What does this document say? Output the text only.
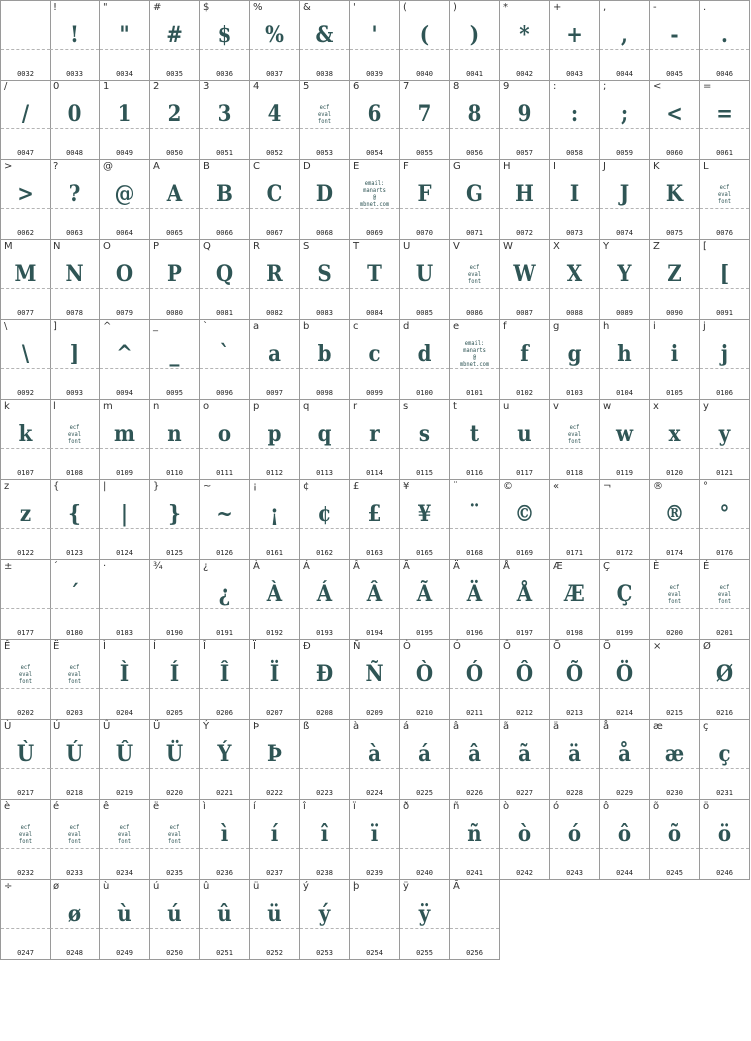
0032
!
!
0033
"
"
0034
#
#
0035
$
$
0036
%
%
0037
&
&
0038
'
'
0039
(
(
0040
)
)
0041
*
*
0042
+
+
0043
,
,
0044
-
-
0045
.
.
0046
/
/
0047
0
0
0048
1
1
0049
2
2
0050
3
3
0051
4
4
0052
5
ecf
eval
font
0053
6
6
0054
7
7
0055
8
8
0056
9
9
0057
:
:
0058
;
;
0059
<
<
0060
=
=
0061
>
>
0062
?
?
0063
@
@
0064
A
A
0065
B
B
0066
C
C
0067
D
D
0068
E
email:
manarts
@
mbnet.com
0069
F
F
0070
G
G
0071
H
H
0072
I
I
0073
J
J
0074
K
K
0075
L
ecf
eval
font
0076
M
M
0077
N
N
0078
O
O
0079
P
P
0080
Q
Q
0081
R
R
0082
S
S
0083
T
T
0084
U
U
0085
V
ecf
eval
font
0086
W
W
0087
X
X
0088
Y
Y
0089
Z
Z
0090
[
[
0091
\
\
0092
]
]
0093
^
^
0094
_
_
0095
`
`
0096
a
a
0097
b
b
0098
c
c
0099
d
d
0100
e
email:
manarts
@
mbnet.com
0101
f
f
0102
g
g
0103
h
h
0104
i
i
0105
j
j
0106
k
k
0107
l
ecf
eval
font
0108
m
m
0109
n
n
0110
o
o
0111
p
p
0112
q
q
0113
r
r
0114
s
s
0115
t
t
0116
u
u
0117
v
ecf
eval
font
0118
w
w
0119
x
x
0120
y
y
0121
z
z
0122
{
{
0123
|
|
0124
}
}
0125
~
~
0126
¡
¡
0161
¢
¢
0162
£
£
0163
¥
¥
0165
¨
¨
0168
©
©
0169
«
0171
¬
0172
®
®
0174
°
°
0176
±
0177
´
´
0180
·
0183
¾
0190
¿
¿
0191
À
À
0192
Á
Á
0193
Â
Â
0194
Ã
Ã
0195
Ä
Ä
0196
Å
Å
0197
Æ
Æ
0198
Ç
Ç
0199
È
ecf
eval
font
0200
É
ecf
eval
font
0201
Ê
ecf
eval
font
0202
Ë
ecf
eval
font
0203
Ì
Ì
0204
Í
Í
0205
Î
Î
0206
Ï
Ï
0207
Ð
Ð
0208
Ñ
Ñ
0209
Ò
Ò
0210
Ó
Ó
0211
Ô
Ô
0212
Õ
Õ
0213
Ö
Ö
0214
×
0215
Ø
Ø
0216
Ù
Ù
0217
Ú
Ú
0218
Û
Û
0219
Ü
Ü
0220
Ý
Ý
0221
Þ
Þ
0222
ß
0223
à
à
0224
á
á
0225
â
â
0226
ã
ã
0227
ä
ä
0228
å
å
0229
æ
æ
0230
ç
ç
0231
è
ecf
eval
font
0232
é
ecf
eval
font
0233
ê
ecf
eval
font
0234
ë
ecf
eval
font
0235
ì
ì
0236
í
í
0237
î
î
0238
ï
ï
0239
ð
0240
ñ
ñ
0241
ò
ò
0242
ó
ó
0243
ô
ô
0244
õ
õ
0245
ö
ö
0246
÷
0247
ø
ø
0248
ù
ù
0249
ú
ú
0250
û
û
0251
ü
ü
0252
ý
ý
0253
þ
0254
ÿ
ÿ
0255
Ā
0256
